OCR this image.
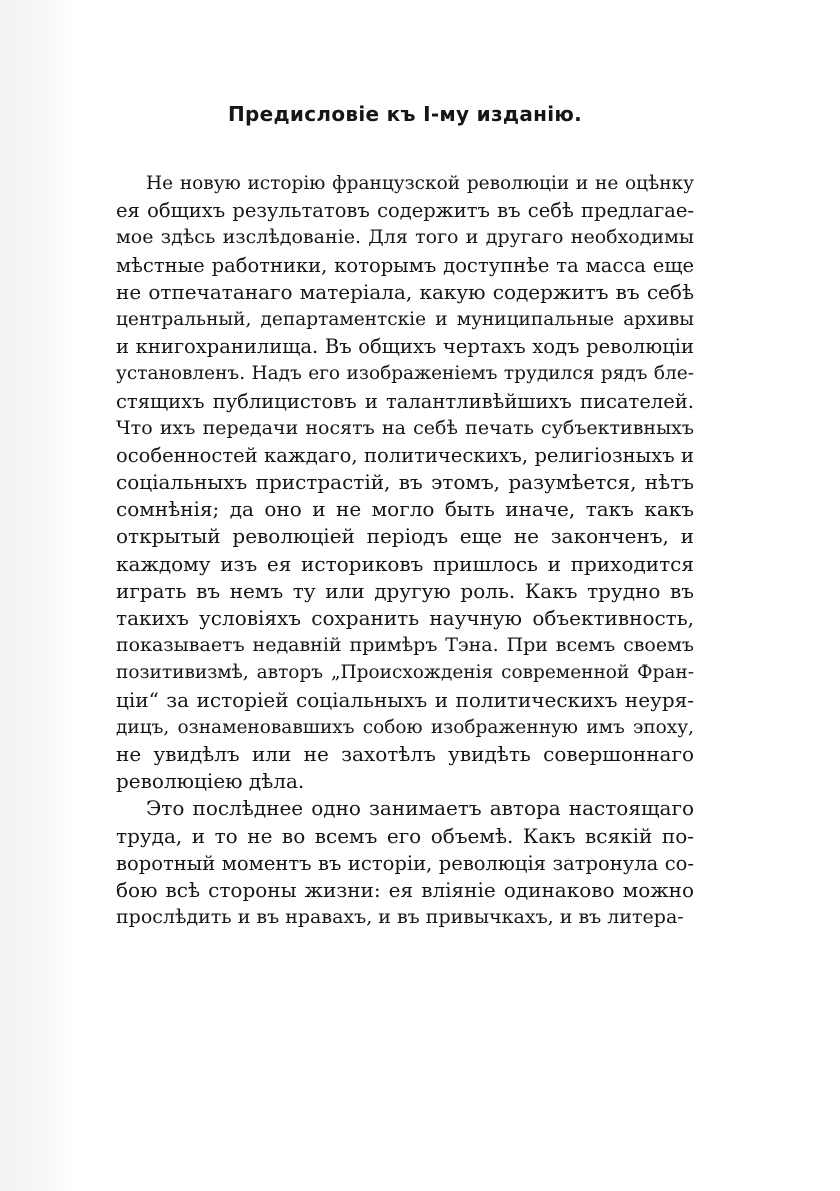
Предисловіе къ I-му изданію.
Не новую исторію французской революціи и не оцѣнку
ея общихъ результатовъ содержитъ въ себѣ предлагае-
мое здѣсь изслѣдованіе. Для того и другаго необходимы
мѣстные работники, которымъ доступнѣе та масса еще
не отпечатанаго матеріала, какую содержитъ въ себѣ
центральный, департаментскіе и муниципальные архивы
и книгохранилища. Въ общихъ чертахъ ходъ революціи
установленъ. Надъ его изображеніемъ трудился рядъ бле-
стящихъ публицистовъ и талантливѣйшихъ писателей.
Что ихъ передачи носятъ на себѣ печать субъективныхъ
особенностей каждаго, политическихъ, религіозныхъ и
соціальныхъ пристрастій, въ этомъ, разумѣется, нѣтъ
сомнѣнія; да оно и не могло быть иначе, такъ какъ
открытый революціей періодъ еще не законченъ, и
каждому изъ ея историковъ пришлось и приходится
играть въ немъ ту или другую роль. Какъ трудно въ
такихъ условіяхъ сохранить научную объективность,
показываетъ недавній примѣръ Тэна. При всемъ своемъ
позитивизмѣ, авторъ „Происхожденія современной Фран-
ціи“ за исторіей соціальныхъ и политическихъ неуря-
дицъ, ознаменовавшихъ собою изображенную имъ эпоху,
не увидѣлъ или не захотѣлъ увидѣть совершоннаго
революціею дѣла.
Это послѣднее одно занимаетъ автора настоящаго
труда, и то не во всемъ его объемѣ. Какъ всякій по-
воротный моментъ въ исторіи, революція затронула со-
бою всѣ стороны жизни: ея вліяніе одинаково можно
прослѣдить и въ нравахъ, и въ привычкахъ, и въ литера-
